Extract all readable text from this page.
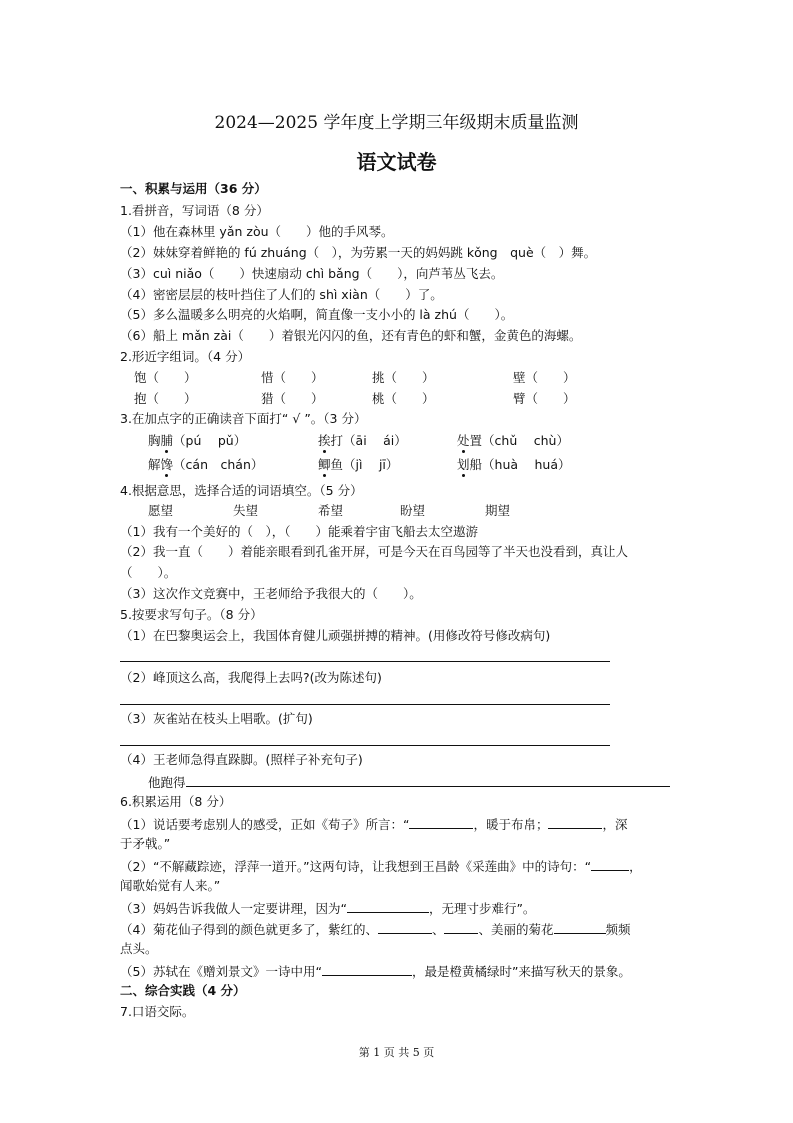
2024—2025 学年度上学期三年级期末质量监测
语文试卷
一、积累与运用（36 分）
1.看拼音，写词语（8 分）
（1）他在森林里 yǎn zòu（　　）他的手风琴。
（2）妹妹穿着鲜艳的 fú zhuáng（　），为劳累一天的妈妈跳 kǒng　què（　）舞。
（3）cuì niǎo（　　）快速扇动 chì bǎng（　　），向芦苇丛飞去。
（4）密密层层的枝叶挡住了人们的 shì xiàn（　　）了。
（5）多么温暖多么明亮的火焰啊，简直像一支小小的 là zhú（　　）。
（6）船上 mǎn zài（　　）着银光闪闪的鱼，还有青色的虾和蟹，金黄色的海螺。
2.形近字组词。（4 分）
饱（　　）	惜（　　）	挑（　　）	壁（　　）
抱（　　）	猎（　　）	桃（　　）	臂（　　）
3.在加点字的正确读音下面打“ √ ”。（3 分）
胸脯（pú　 pǔ）	挨打（āi　 ái）	处置（chǔ　 chù）
解馋（cán　chán）	鲫鱼（jì　 jī）	划船（huà　 huá）
4.根据意思，选择合适的词语填空。（5 分）
愿望	失望	希望	盼望	期望
（1）我有一个美好的（　），（　　）能乘着宇宙飞船去太空遨游
（2）我一直（　　）着能亲眼看到孔雀开屏，可是今天在百鸟园等了半天也没看到，真让人
（　　）。
（3）这次作文竞赛中，王老师给予我很大的（　　）。
5.按要求写句子。（8 分）
（1）在巴黎奥运会上，我国体育健儿顽强拼搏的精神。(用修改符号修改病句)
（2）峰顶这么高，我爬得上去吗?(改为陈述句)
（3）灰雀站在枝头上唱歌。(扩句)
（4）王老师急得直跺脚。(照样子补充句子)
他跑得
6.积累运用（8 分）
（1）说话要考虑别人的感受，正如《荀子》所言：“	，暖于布帛；	，深
于矛戟。”
（2）“不解藏踪迹，浮萍一道开。”这两句诗，让我想到王昌龄《采莲曲》中的诗句：“	，
闻歌始觉有人来。”
（3）妈妈告诉我做人一定要讲理，因为“	，无理寸步难行”。
（4）菊花仙子得到的颜色就更多了，紫红的、	、	、美丽的菊花	频频
点头。
（5）苏轼在《赠刘景文》一诗中用“	，最是橙黄橘绿时”来描写秋天的景象。
二、综合实践（4 分）
7.口语交际。
第 1 页 共 5 页
